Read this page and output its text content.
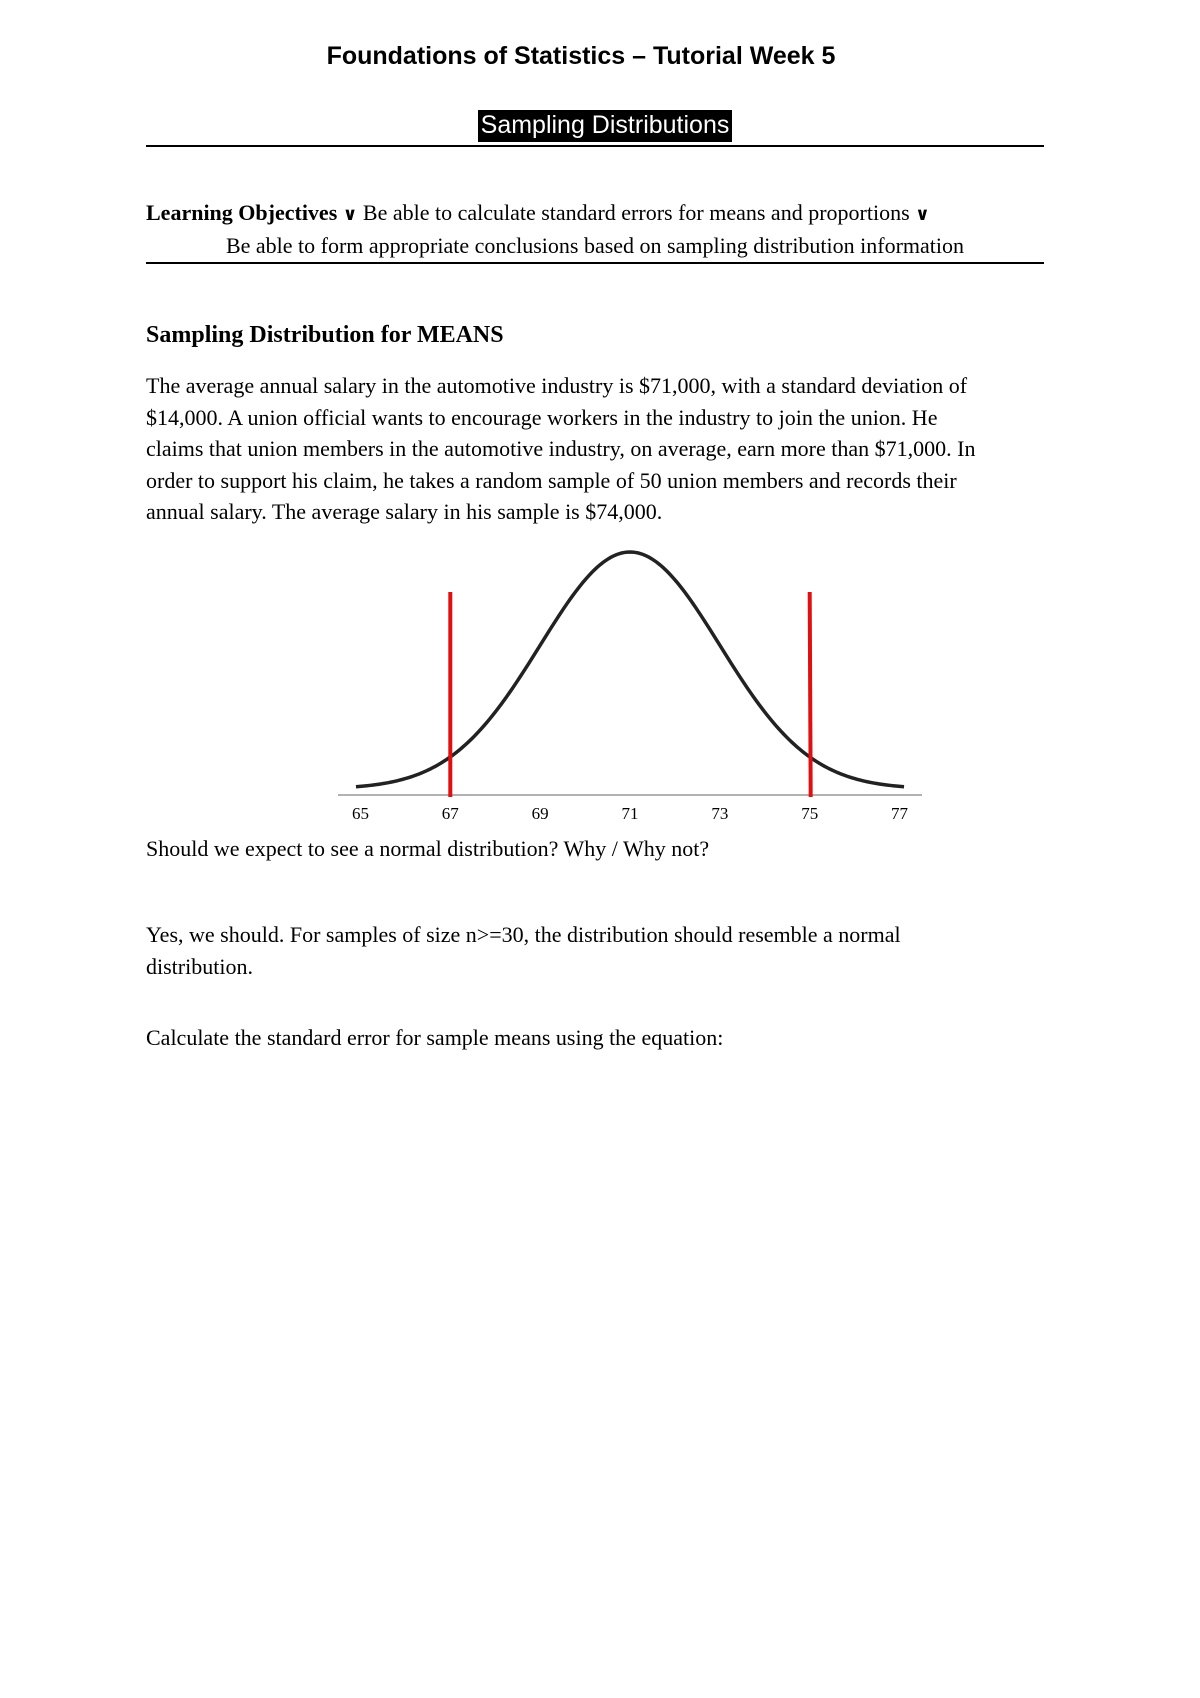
Foundations of Statistics – Tutorial Week 5
Sampling Distributions
Learning Objectives ∨ Be able to calculate standard errors for means and proportions ∨
Be able to form appropriate conclusions based on sampling distribution information
Sampling Distribution for MEANS

The average annual salary in the automotive industry is $71,000, with a standard deviation of
$14,000. A union official wants to encourage workers in the industry to join the union. He
claims that union members in the automotive industry, on average, earn more than $71,000. In
order to support his claim, he takes a random sample of 50 union members and records their
annual salary. The average salary in his sample is $74,000.

65	67	69	71	73	75	77

Should we expect to see a normal distribution? Why / Why not?

Yes, we should. For samples of size n>=30, the distribution should resemble a normal
distribution.

Calculate the standard error for sample means using the equation:
